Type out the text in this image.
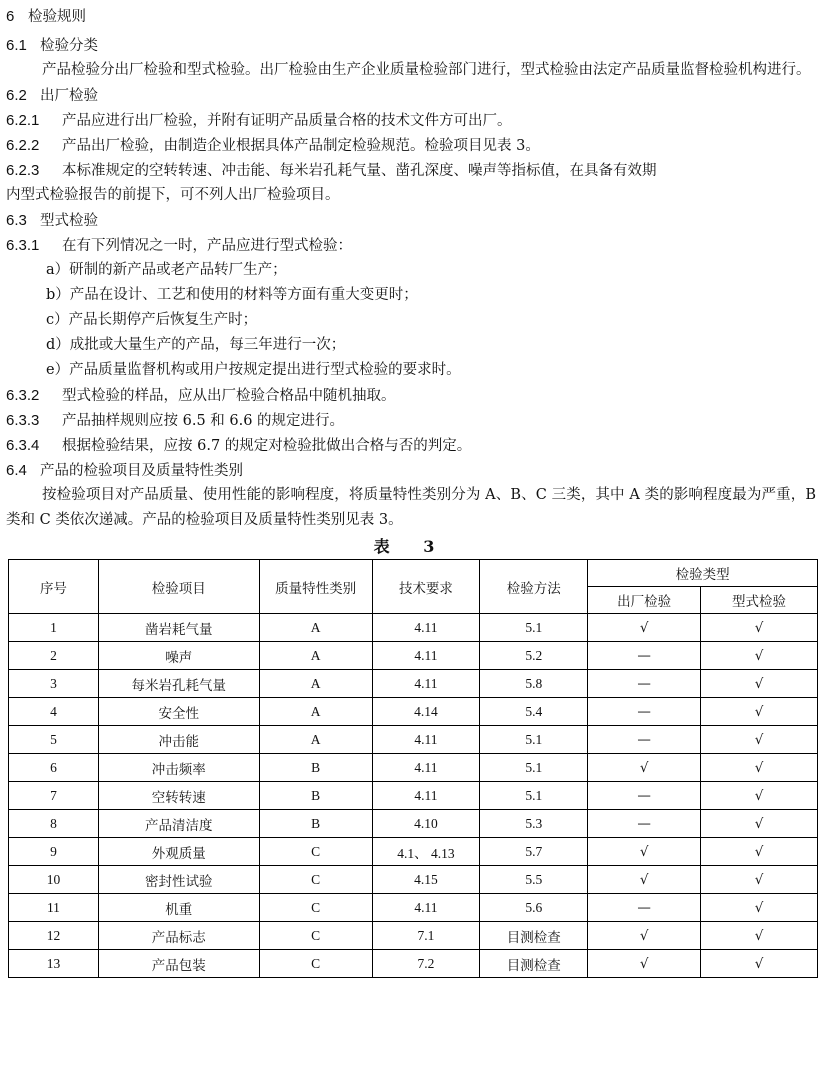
6 检验规则
6.1 检验分类

产品检验分出厂检验和型式检验。出厂检验由生产企业质量检验部门进行，型式检验由法定产品质量监督检验机构进行。

6.2 出厂检验
6.2.1 产品应进行出厂检验，并附有证明产品质量合格的技术文件方可出厂。
6.2.2 产品出厂检验，由制造企业根据具体产品制定检验规范。检验项目见表 3。
6.2.3 本标准规定的空转转速、冲击能、每米岩孔耗气量、凿孔深度、噪声等指标值，在具备有效期
内型式检验报告的前提下，可不列人出厂检验项目。
6.3 型式检验
6.3.1 在有下列情况之一时，产品应进行型式检验：
a）研制的新产品或老产品转厂生产；
b）产品在设计、工艺和使用的材料等方面有重大变更时；
c）产品长期停产后恢复生产时；
d）成批或大量生产的产品，每三年进行一次；
e）产品质量监督机构或用户按规定提出进行型式检验的要求时。
6.3.2 型式检验的样品，应从出厂检验合格品中随机抽取。
6.3.3 产品抽样规则应按 6.5 和 6.6 的规定进行。
6.3.4 根据检验结果，应按 6.7 的规定对检验批做出合格与否的判定。
6.4 产品的检验项目及质量特性类别

按检验项目对产品质量、使用性能的影响程度，将质量特性类别分为 A、B、C 三类，其中 A 类的影响程度最为严重，B 类和 C 类依次递减。产品的检验项目及质量特性类别见表 3。

表 3
序号	检验项目	质量特性类别	技术要求	检验方法	检验类型	
					出厂检验	型式检验
1	凿岩耗气量	A	4.11	5.1	√	√
2	噪声	A	4.11	5.2	—	√
3	每米岩孔耗气量	A	4.11	5.8	—	√
4	安全性	A	4.14	5.4	—	√
5	冲击能	A	4.11	5.1	—	√
6	冲击频率	B	4.11	5.1	√	√
7	空转转速	B	4.11	5.1	—	√
8	产品清洁度	B	4.10	5.3	—	√
9	外观质量	C	4.1、 4.13	5.7	√	√
10	密封性试验	C	4.15	5.5	√	√
11	机重	C	4.11	5.6	—	√
12	产品标志	C	7.1	目测检查	√	√
13	产品包装	C	7.2	目测检查	√	√
